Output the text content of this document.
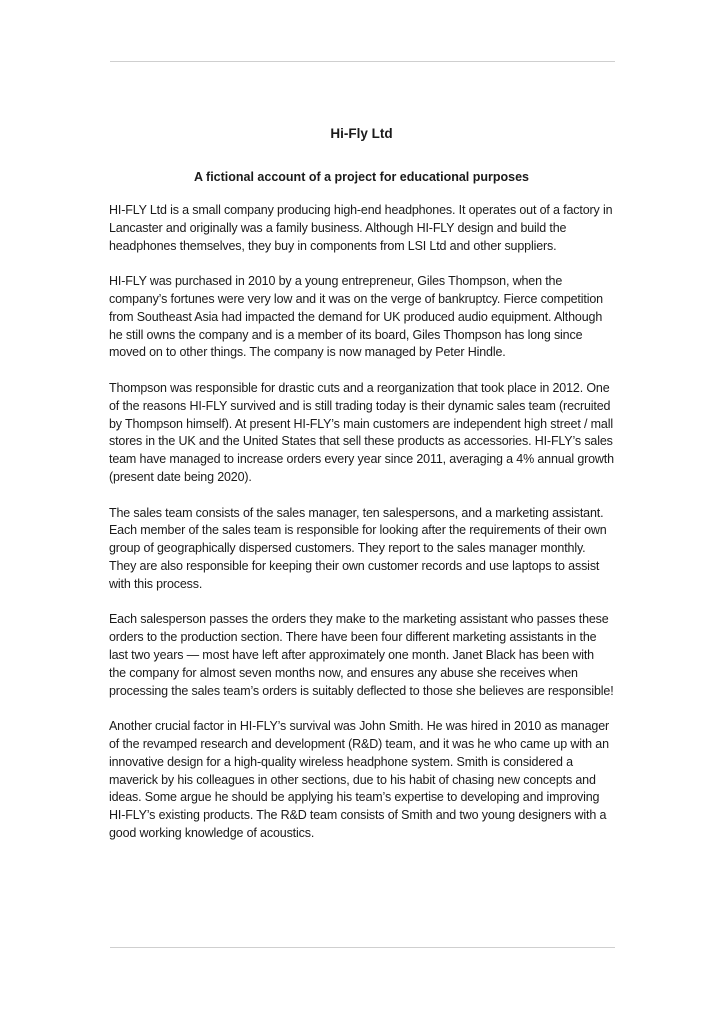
Hi-Fly Ltd
A fictional account of a project for educational purposes

HI-FLY Ltd is a small company producing high-end headphones. It operates out of a factory in Lancaster and originally was a family business. Although HI-FLY design and build the headphones themselves, they buy in components from LSI Ltd and other suppliers.

HI-FLY was purchased in 2010 by a young entrepreneur, Giles Thompson, when the company’s fortunes were very low and it was on the verge of bankruptcy. Fierce competition from Southeast Asia had impacted the demand for UK produced audio equipment. Although he still owns the company and is a member of its board, Giles Thompson has long since moved on to other things. The company is now managed by Peter Hindle.

Thompson was responsible for drastic cuts and a reorganization that took place in 2012. One of the reasons HI-FLY survived and is still trading today is their dynamic sales team (recruited by Thompson himself). At present HI-FLY’s main customers are independent high street / mall stores in the UK and the United States that sell these products as accessories. HI-FLY’s sales team have managed to increase orders every year since 2011, averaging a 4% annual growth (present date being 2020).

The sales team consists of the sales manager, ten salespersons, and a marketing assistant. Each member of the sales team is responsible for looking after the requirements of their own group of geographically dispersed customers. They report to the sales manager monthly. They are also responsible for keeping their own customer records and use laptops to assist with this process.

Each salesperson passes the orders they make to the marketing assistant who passes these orders to the production section. There have been four different marketing assistants in the last two years — most have left after approximately one month. Janet Black has been with the company for almost seven months now, and ensures any abuse she receives when processing the sales team’s orders is suitably deflected to those she believes are responsible!

Another crucial factor in HI-FLY’s survival was John Smith. He was hired in 2010 as manager of the revamped research and development (R&D) team, and it was he who came up with an innovative design for a high-quality wireless headphone system. Smith is considered a maverick by his colleagues in other sections, due to his habit of chasing new concepts and ideas. Some argue he should be applying his team’s expertise to developing and improving HI-FLY’s existing products. The R&D team consists of Smith and two young designers with a good working knowledge of acoustics.
